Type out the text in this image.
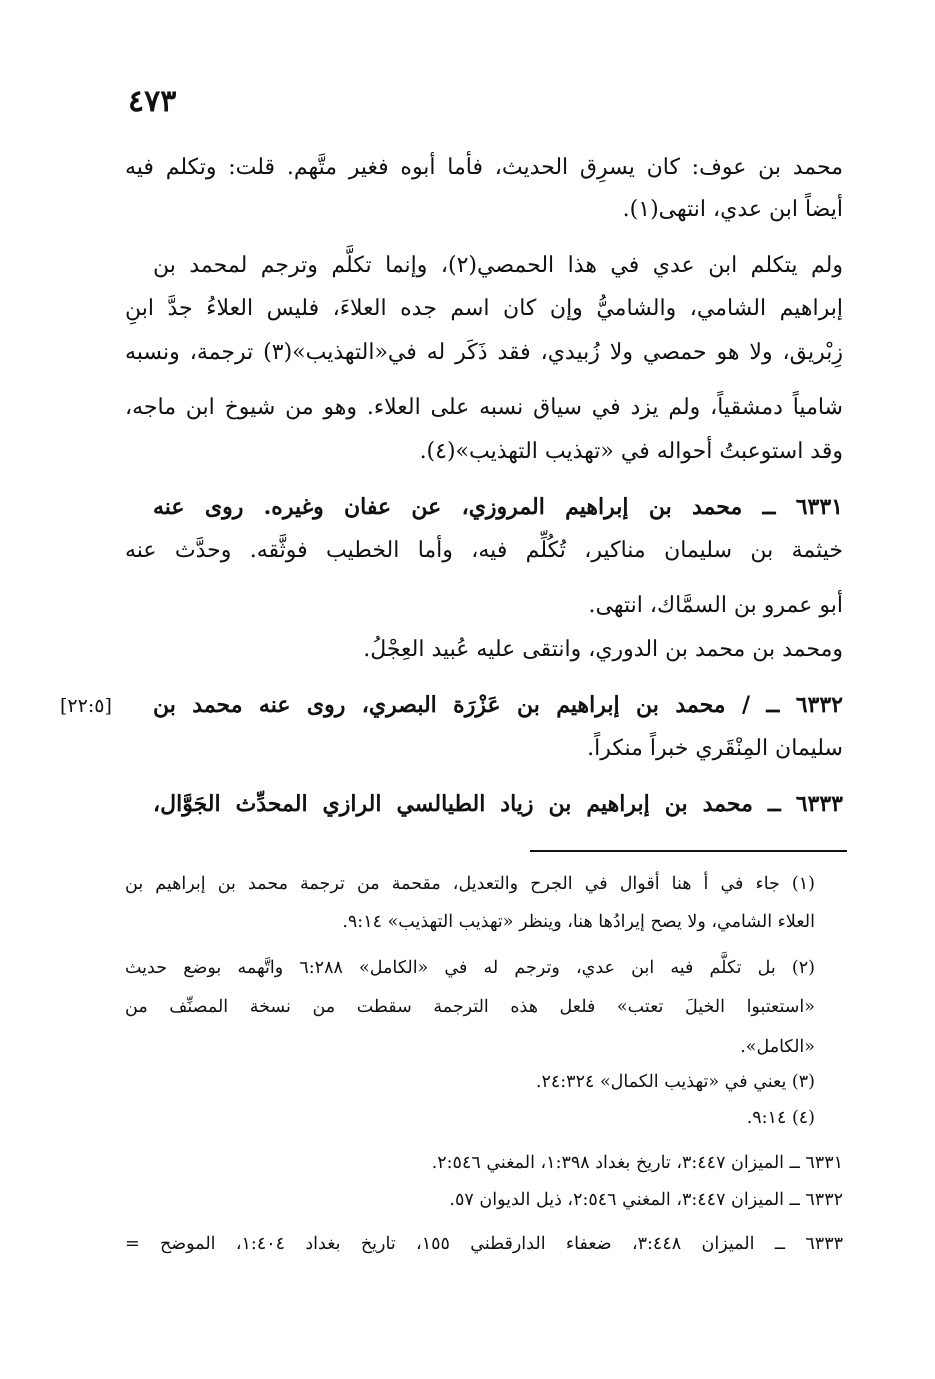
٤٧٣
محمد بن عوف: كان يسرِق الحديث، فأما أبوه فغير متَّهم. قلت: وتكلم فيه
أيضاً ابن عدي، انتهى(١).
ولم يتكلم ابن عدي في هذا الحمصي(٢)، وإنما تكلَّم وترجم لمحمد بن
إبراهيم الشامي، والشاميُّ وإن كان اسم جده العلاءَ، فليس العلاءُ جدَّ ابنِ
زِبْريق، ولا هو حمصي ولا زُبيدي، فقد ذَكَر له في«التهذيب»(٣) ترجمة، ونسبه
شامياً دمشقياً، ولم يزد في سياق نسبه على العلاء. وهو من شيوخ ابن ماجه،
وقد استوعبتُ أحواله في «تهذيب التهذيب»(٤).
٦٣٣١ ــ محمد بن إبراهيم المروزي، عن عفان وغيره. روى عنه
خيثمة بن سليمان مناكير، تُكُلِّم فيه، وأما الخطيب فوثَّقه. وحدَّث عنه
أبو عمرو بن السمَّاك، انتهى.
ومحمد بن محمد بن الدوري، وانتقى عليه عُبيد العِجْلُ.
٦٣٣٢ ــ / محمد بن إبراهيم بن عَزْرَة البصري، روى عنه محمد بن
[٢٢:٥]
سليمان المِنْقَري خبراً منكراً.
٦٣٣٣ ــ محمد بن إبراهيم بن زياد الطيالسي الرازي المحدِّث الجَوَّال،
(١) جاء في أ هنا أقوال في الجرح والتعديل، مقحمة من ترجمة محمد بن إبراهيم بن
العلاء الشامي، ولا يصح إيرادُها هنا، وينظر «تهذيب التهذيب» ٩:١٤.
(٢) بل تكلَّم فيه ابن عدي، وترجم له في «الكامل» ٦:٢٨٨ واتَّهمه بوضع حديث
«استعتبوا الخيلَ تعتب» فلعل هذه الترجمة سقطت من نسخة المصنِّف من
«الكامل».
(٣) يعني في «تهذيب الكمال» ٢٤:٣٢٤.
(٤) ٩:١٤.
٦٣٣١ ــ الميزان ٣:٤٤٧، تاريخ بغداد ١:٣٩٨، المغني ٢:٥٤٦.
٦٣٣٢ ــ الميزان ٣:٤٤٧، المغني ٢:٥٤٦، ذيل الديوان ٥٧.
٦٣٣٣ ــ الميزان ٣:٤٤٨، ضعفاء الدارقطني ١٥٥، تاريخ بغداد ١:٤٠٤، الموضح =
